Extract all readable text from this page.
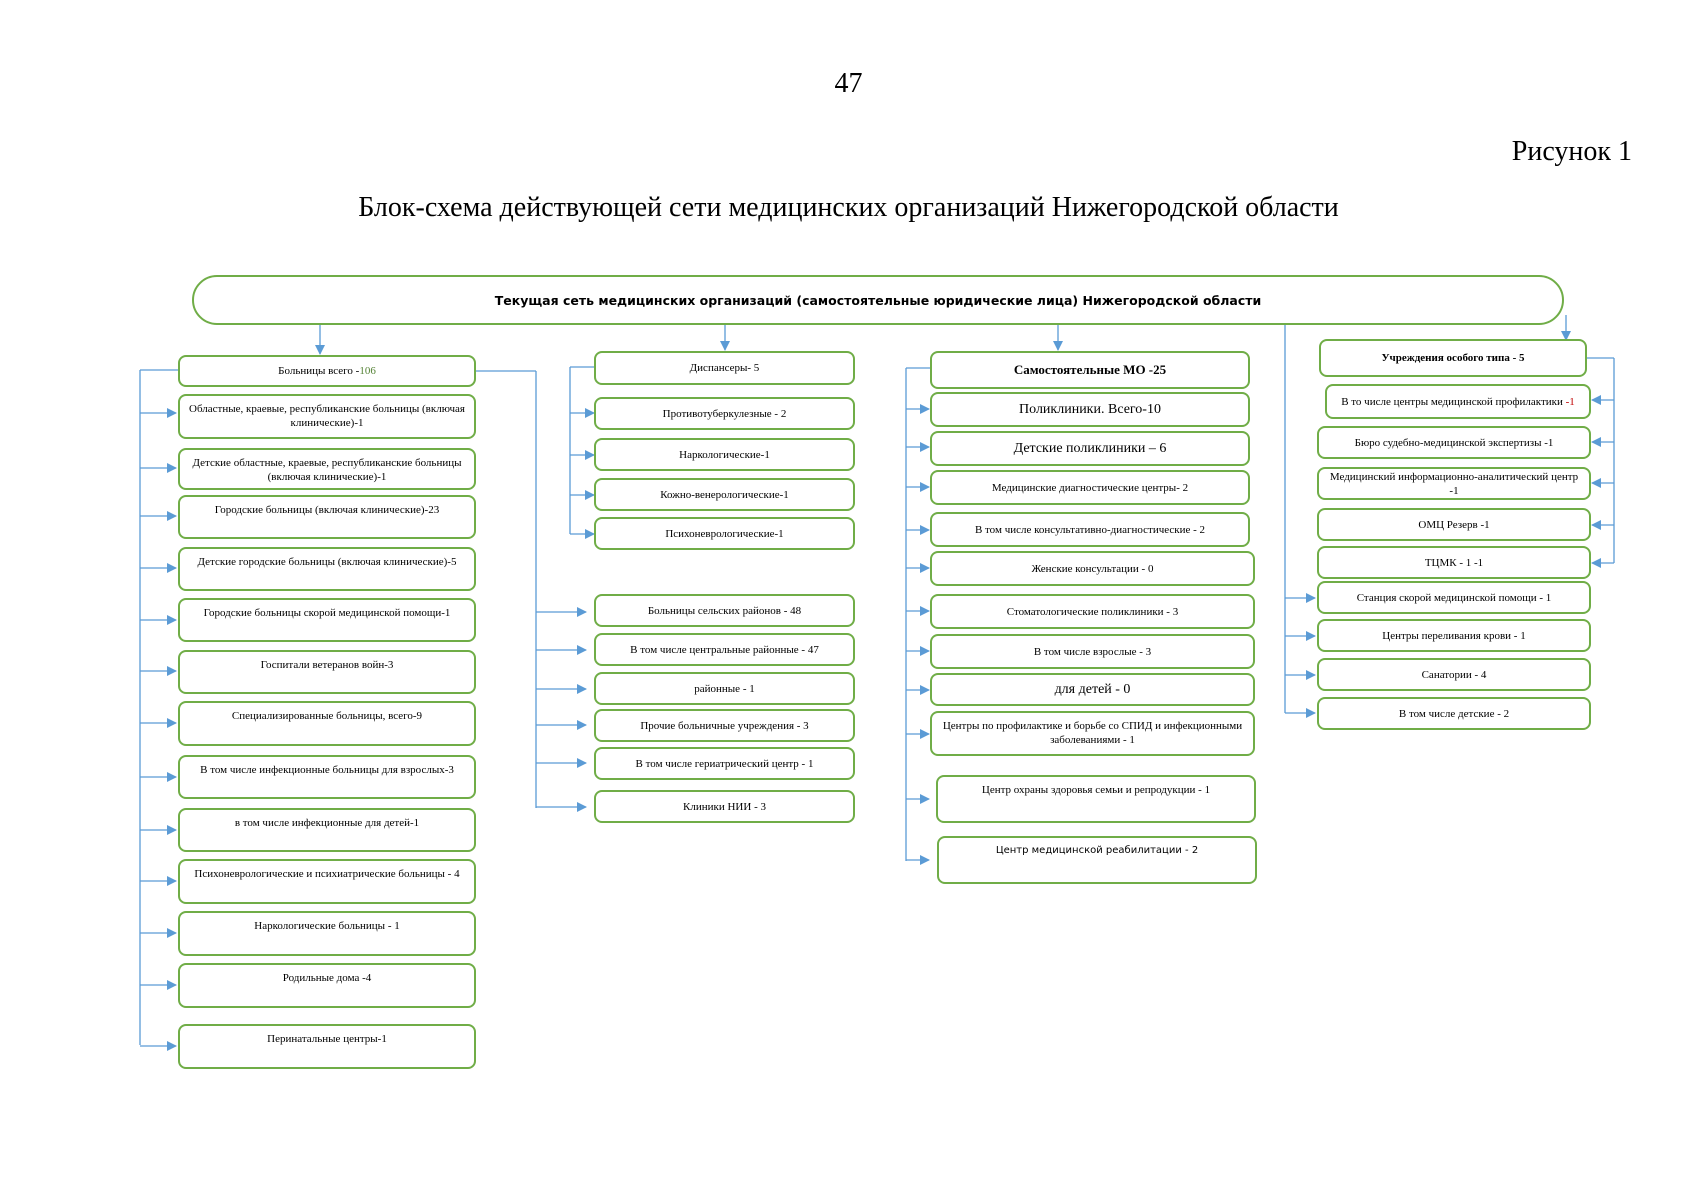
47
Рисунок 1
Блок-схема действующей сети медицинских организаций Нижегородской области
Текущая сеть медицинских организаций (самостоятельные юридические лица) Нижегородской области
Больницы всего - 106
Областные, краевые, республиканские больницы (включая клинические)-1
Детские областные, краевые, республиканские больницы (включая клинические)-1
Городские больницы (включая клинические)-23
Детские городские больницы (включая клинические)-5
Городские больницы скорой медицинской помощи-1
Госпитали ветеранов войн-3
Специализированные больницы, всего-9
В том числе инфекционные больницы для взрослых-3
в том числе инфекционные для детей-1
Психоневрологические и психиатрические больницы - 4
Наркологические больницы - 1
Родильные дома -4
Перинатальные центры-1
Диспансеры- 5
Противотуберкулезные - 2
Наркологические-1
Кожно-венерологические-1
Психоневрологические-1
Больницы сельских районов - 48
В том числе центральные районные - 47
районные - 1
Прочие больничные учреждения - 3
В том числе гериатрический центр - 1
Клиники НИИ - 3
Самостоятельные МО -25
Поликлиники. Всего-10
Детские поликлиники – 6
Медицинские диагностические центры- 2
В том числе консультативно-диагностические - 2
Женские консультации - 0
Стоматологические поликлиники - 3
В том числе взрослые - 3
для детей - 0
Центры по профилактике и борьбе со СПИД и инфекционными заболеваниями - 1
Центр охраны здоровья семьи и репродукции - 1
Центр медицинской реабилитации - 2
Учреждения особого типа - 5
В то числе центры медицинской профилактики -1
Бюро судебно-медицинской экспертизы -1
Медицинский информационно-аналитический центр -1
ОМЦ Резерв -1
ТЦМК - 1 -1
Станция скорой медицинской помощи - 1
Центры переливания крови - 1
Санатории - 4
В том числе детские - 2
